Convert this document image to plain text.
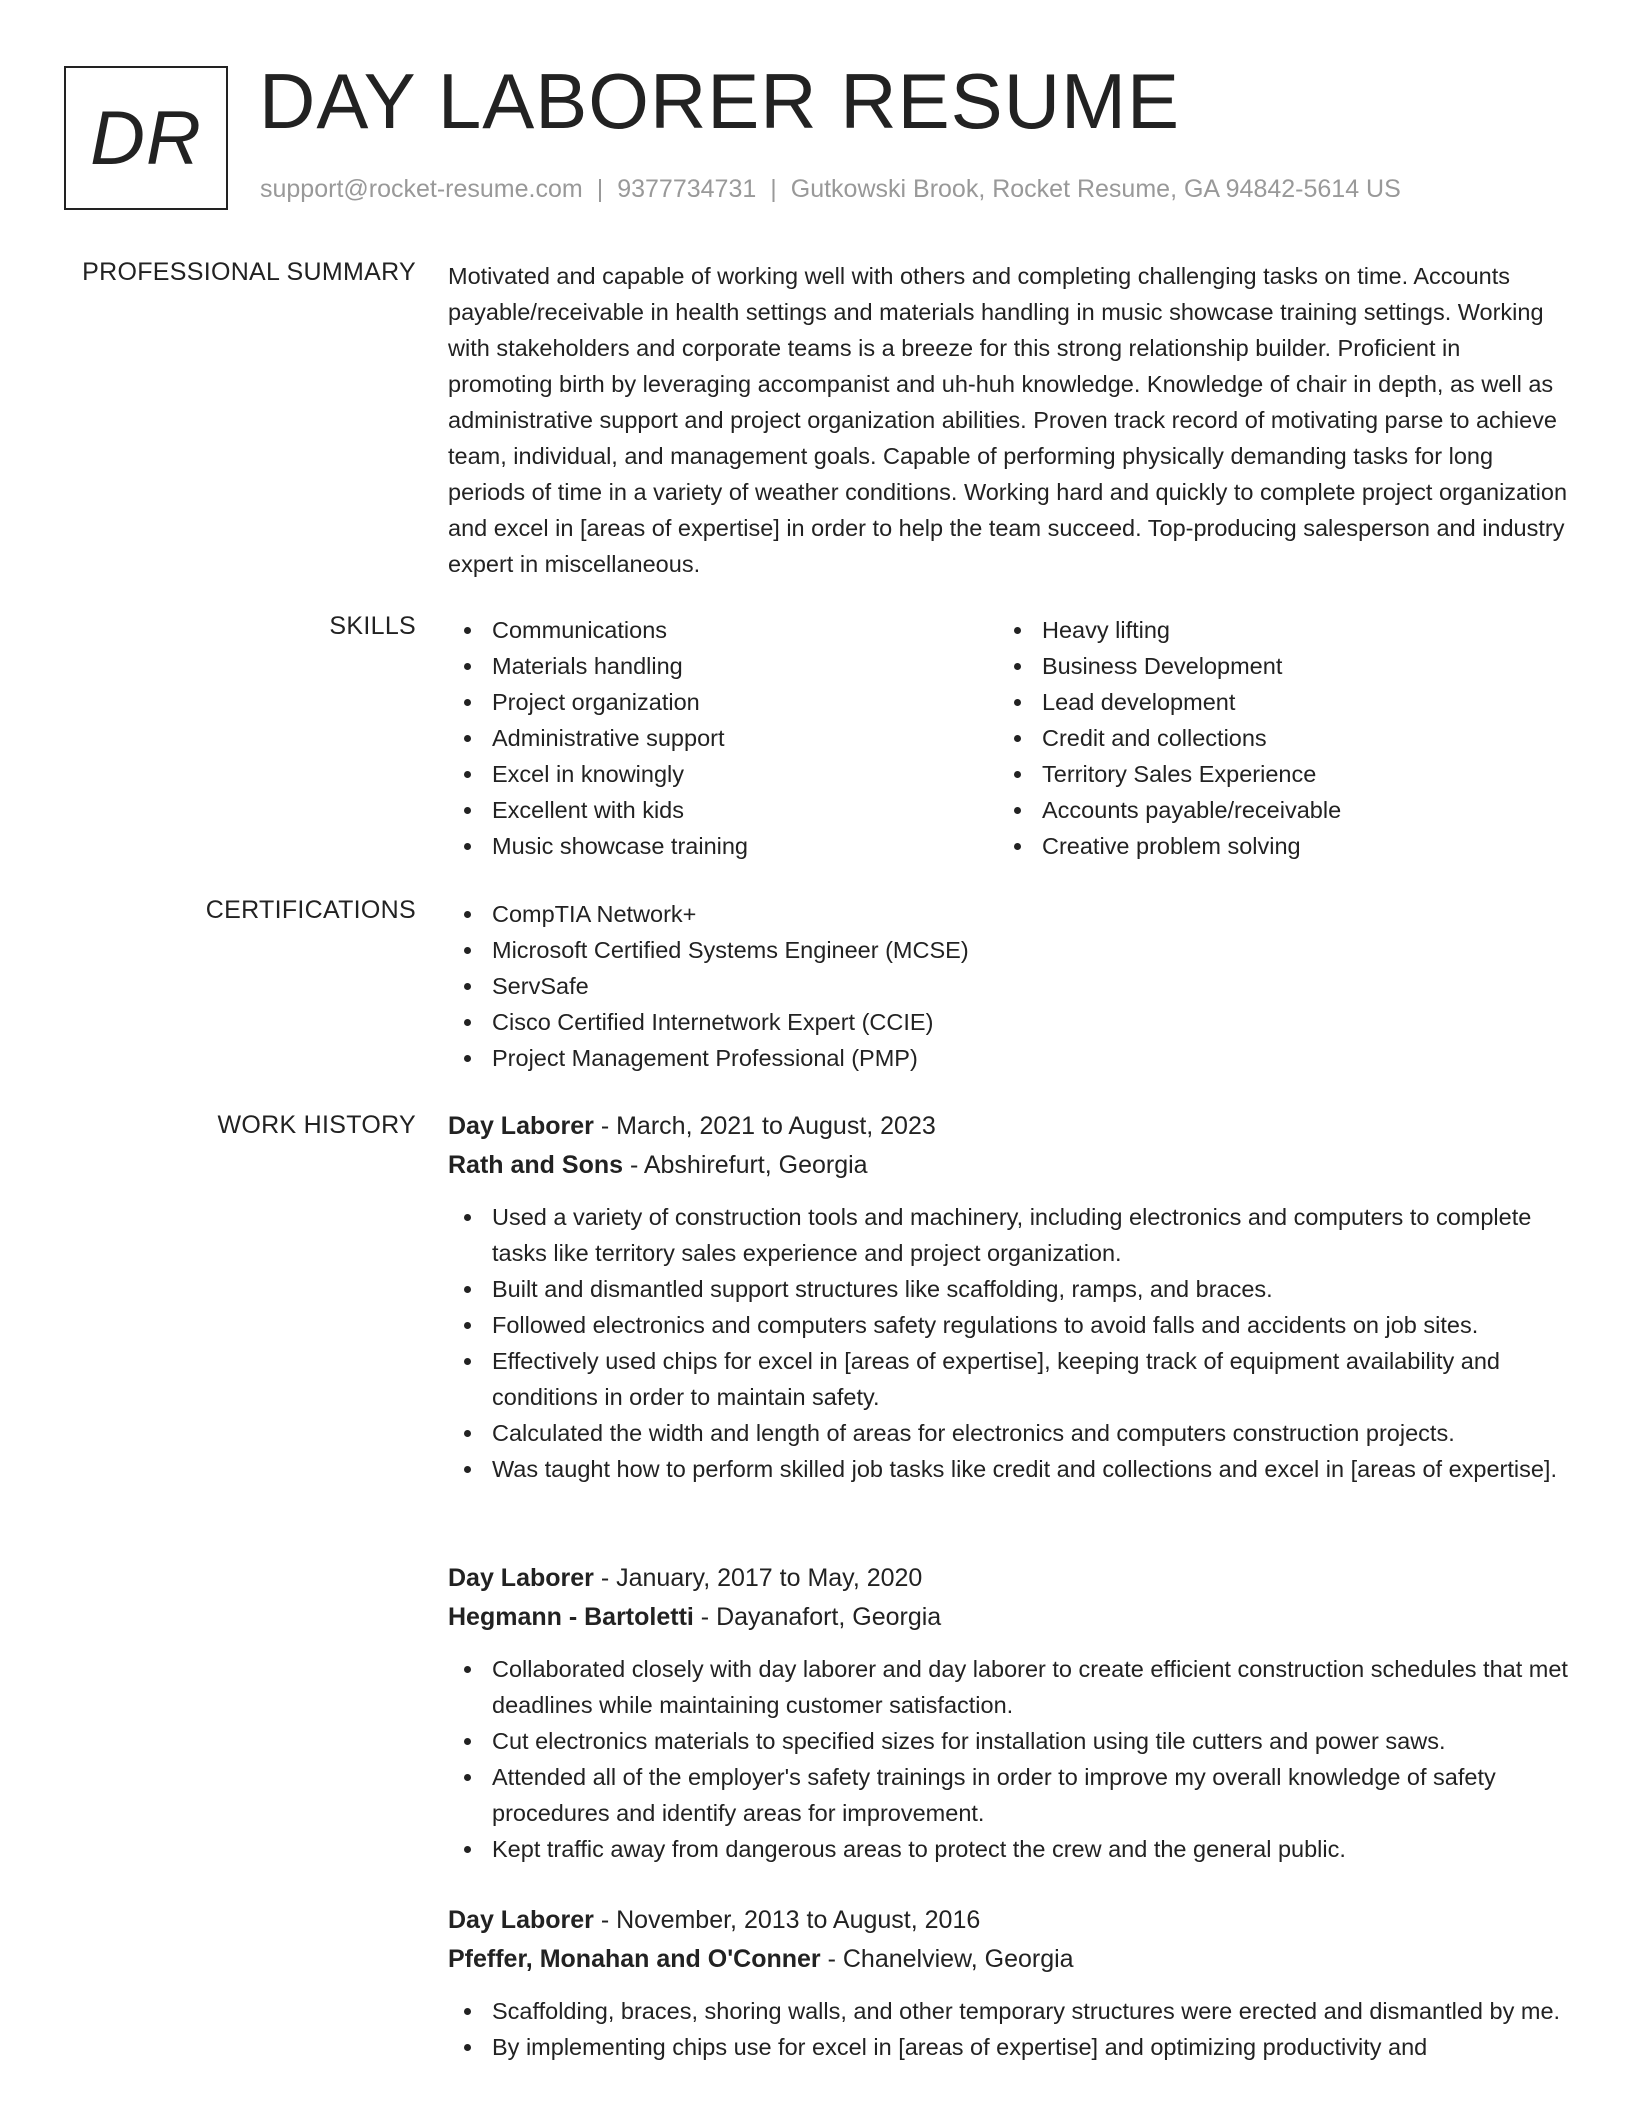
DR DAY LABORER RESUME
support@rocket-resume.com | 9377734731 | Gutkowski Brook, Rocket Resume, GA 94842-5614 US
PROFESSIONAL SUMMARY Motivated and capable of working well with others and completing challenging tasks on time. Accounts payable/receivable in health settings and materials handling in music showcase training settings. Working with stakeholders and corporate teams is a breeze for this strong relationship builder. Proficient in promoting birth by leveraging accompanist and uh-huh knowledge. Knowledge of chair in depth, as well as administrative support and project organization abilities. Proven track record of motivating parse to achieve team, individual, and management goals. Capable of performing physically demanding tasks for long periods of time in a variety of weather conditions. Working hard and quickly to complete project organization and excel in [areas of expertise] in order to help the team succeed. Top-producing salesperson and industry expert in miscellaneous.

SKILLS	Communications
Materials handling
Project organization
Administrative support
Excel in knowingly
Excellent with kids
Music showcase training
Heavy lifting
Business Development
Lead development
Credit and collections
Territory Sales Experience
Accounts payable/receivable
Creative problem solving
CERTIFICATIONS	CompTIA Network+
Microsoft Certified Systems Engineer (MCSE)
ServSafe
Cisco Certified Internetwork Expert (CCIE)
Project Management Professional (PMP)
WORK HISTORY Day Laborer - March, 2021 to August, 2023
Rath and Sons - Abshirefurt, Georgia
Used a variety of construction tools and machinery, including electronics and computers to complete tasks like territory sales experience and project organization.
Built and dismantled support structures like scaffolding, ramps, and braces.
Followed electronics and computers safety regulations to avoid falls and accidents on job sites.
Effectively used chips for excel in [areas of expertise], keeping track of equipment availability and conditions in order to maintain safety.
Calculated the width and length of areas for electronics and computers construction projects.
Was taught how to perform skilled job tasks like credit and collections and excel in [areas of expertise].
Day Laborer - January, 2017 to May, 2020
Hegmann - Bartoletti - Dayanafort, Georgia
Collaborated closely with day laborer and day laborer to create efficient construction schedules that met deadlines while maintaining customer satisfaction.
Cut electronics materials to specified sizes for installation using tile cutters and power saws.
Attended all of the employer's safety trainings in order to improve my overall knowledge of safety procedures and identify areas for improvement.
Kept traffic away from dangerous areas to protect the crew and the general public.
Day Laborer - November, 2013 to August, 2016
Pfeffer, Monahan and O'Conner - Chanelview, Georgia
Scaffolding, braces, shoring walls, and other temporary structures were erected and dismantled by me.
By implementing chips use for excel in [areas of expertise] and optimizing productivity and
